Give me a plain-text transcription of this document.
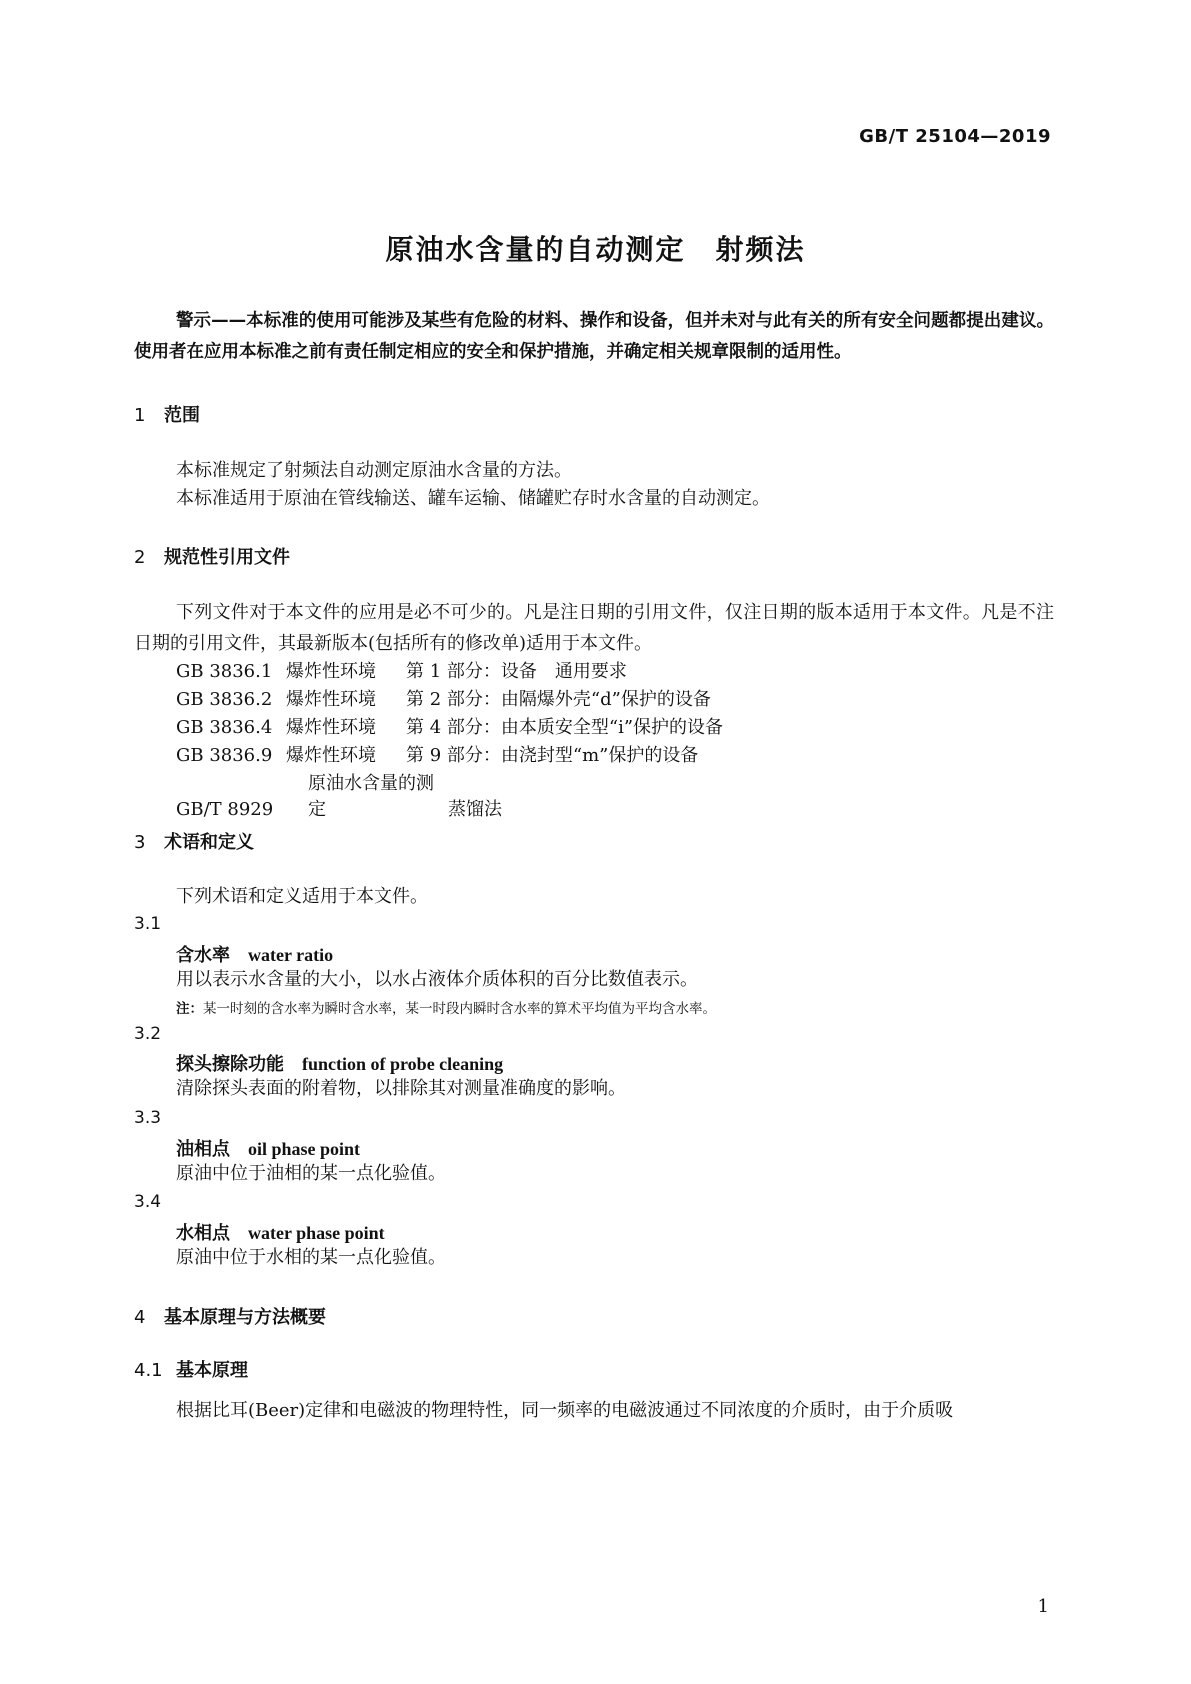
GB/T 25104—2019
原油水含量的自动测定　射频法
警示——本标准的使用可能涉及某些有危险的材料、操作和设备，但并未对与此有关的所有安全问题都提出建议。使用者在应用本标准之前有责任制定相应的安全和保护措施，并确定相关规章限制的适用性。
1 范围
本标准规定了射频法自动测定原油水含量的方法。
本标准适用于原油在管线输送、罐车运输、储罐贮存时水含量的自动测定。
2 规范性引用文件
下列文件对于本文件的应用是必不可少的。凡是注日期的引用文件，仅注日期的版本适用于本文件。凡是不注日期的引用文件，其最新版本(包括所有的修改单)适用于本文件。
GB 3836.1 爆炸性环境 第 1 部分：设备　通用要求
GB 3836.2 爆炸性环境 第 2 部分：由隔爆外壳“d”保护的设备
GB 3836.4 爆炸性环境 第 4 部分：由本质安全型“i”保护的设备
GB 3836.9 爆炸性环境 第 9 部分：由浇封型“m”保护的设备
GB/T 8929原油水含量的测定	蒸馏法
3 术语和定义
下列术语和定义适用于本文件。
3.1
含水率 water ratio
用以表示水含量的大小，以水占液体介质体积的百分比数值表示。
注：某一时刻的含水率为瞬时含水率，某一时段内瞬时含水率的算术平均值为平均含水率。
3.2
探头擦除功能 function of probe cleaning
清除探头表面的附着物，以排除其对测量准确度的影响。
3.3
油相点 oil phase point
原油中位于油相的某一点化验值。
3.4
水相点 water phase point
原油中位于水相的某一点化验值。
4 基本原理与方法概要
4.1 基本原理
根据比耳(Beer)定律和电磁波的物理特性，同一频率的电磁波通过不同浓度的介质时，由于介质吸
1
